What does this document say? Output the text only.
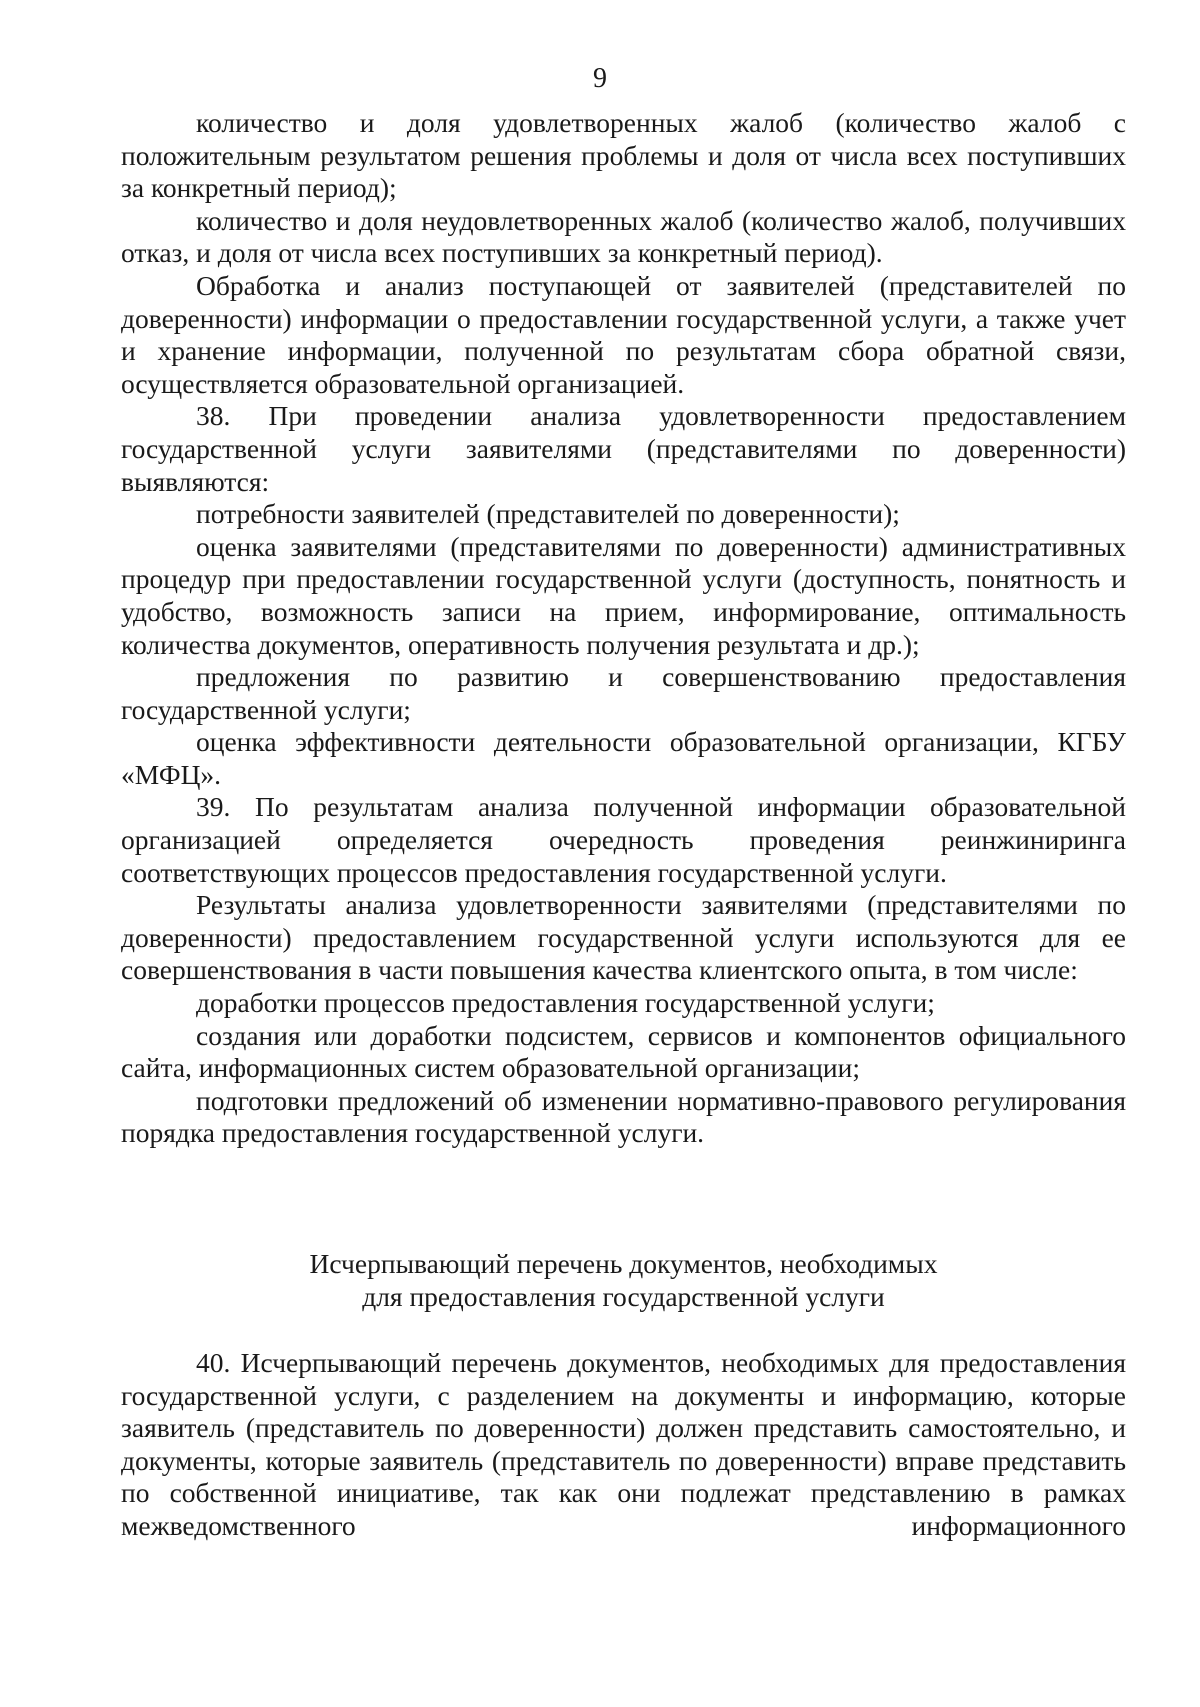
9

количество и доля удовлетворенных жалоб (количество жалоб с положительным результатом решения проблемы и доля от числа всех поступивших за конкретный период);

количество и доля неудовлетворенных жалоб (количество жалоб, получивших отказ, и доля от числа всех поступивших за конкретный период).

Обработка и анализ поступающей от заявителей (представителей по доверенности) информации о предоставлении государственной услуги, а также учет и хранение информации, полученной по результатам сбора обратной связи, осуществляется образовательной организацией.

38. При проведении анализа удовлетворенности предоставлением государственной услуги заявителями (представителями по доверенности) выявляются:

потребности заявителей (представителей по доверенности);

оценка заявителями (представителями по доверенности) административных процедур при предоставлении государственной услуги (доступность, понятность и удобство, возможность записи на прием, информирование, оптимальность количества документов, оперативность получения результата и др.);

предложения по развитию и совершенствованию предоставления государственной услуги;

оценка эффективности деятельности образовательной организации, КГБУ «МФЦ».

39. По результатам анализа полученной информации образовательной организацией определяется очередность проведения реинжиниринга соответствующих процессов предоставления государственной услуги.

Результаты анализа удовлетворенности заявителями (представителями по доверенности) предоставлением государственной услуги используются для ее совершенствования в части повышения качества клиентского опыта, в том числе:

доработки процессов предоставления государственной услуги;

создания или доработки подсистем, сервисов и компонентов официального сайта, информационных систем образовательной организации;

подготовки предложений об изменении нормативно-правового регулирования порядка предоставления государственной услуги.

Исчерпывающий перечень документов, необходимых
для предоставления государственной услуги

40. Исчерпывающий перечень документов, необходимых для предоставления государственной услуги, с разделением на документы и информацию, которые заявитель (представитель по доверенности) должен представить самостоятельно, и документы, которые заявитель (представитель по доверенности) вправе представить по собственной инициативе, так как они подлежат представлению в рамках межведомственного информационного
